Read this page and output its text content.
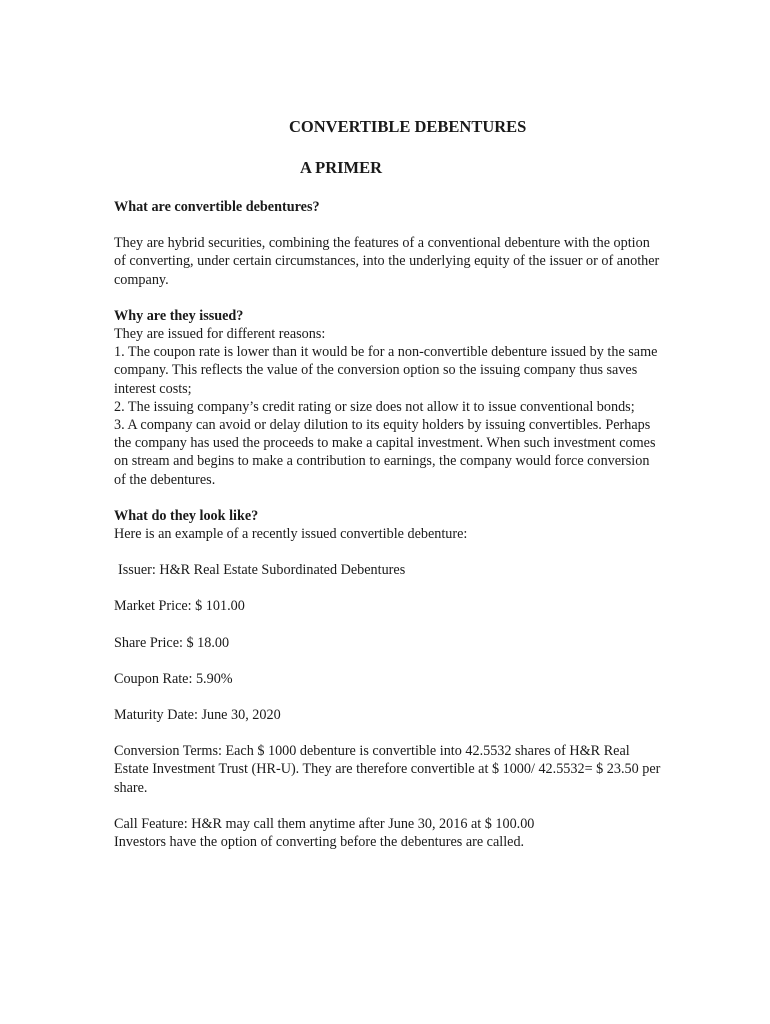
CONVERTIBLE DEBENTURES
A PRIMER

What are convertible debentures?

They are hybrid securities, combining the features of a conventional debenture with the option of converting, under certain circumstances, into the underlying equity of the issuer or of another company.

Why are they issued?

They are issued for different reasons:

1. The coupon rate is lower than it would be for a non-convertible debenture issued by the same company. This reflects the value of the conversion option so the issuing company thus saves interest costs;

2. The issuing company’s credit rating or size does not allow it to issue conventional bonds;

3. A company can avoid or delay dilution to its equity holders by issuing convertibles. Perhaps the company has used the proceeds to make a capital investment. When such investment comes on stream and begins to make a contribution to earnings, the company would force conversion of the debentures.

What do they look like?

Here is an example of a recently issued convertible debenture:

Issuer: H&R Real Estate Subordinated Debentures

Market Price: $ 101.00

Share Price: $ 18.00

Coupon Rate: 5.90%

Maturity Date: June 30, 2020

Conversion Terms: Each $ 1000 debenture is convertible into 42.5532 shares of H&R Real Estate Investment Trust (HR-U). They are therefore convertible at $ 1000/ 42.5532= $ 23.50 per share.

Call Feature: H&R may call them anytime after June 30, 2016 at $ 100.00

Investors have the option of converting before the debentures are called.
